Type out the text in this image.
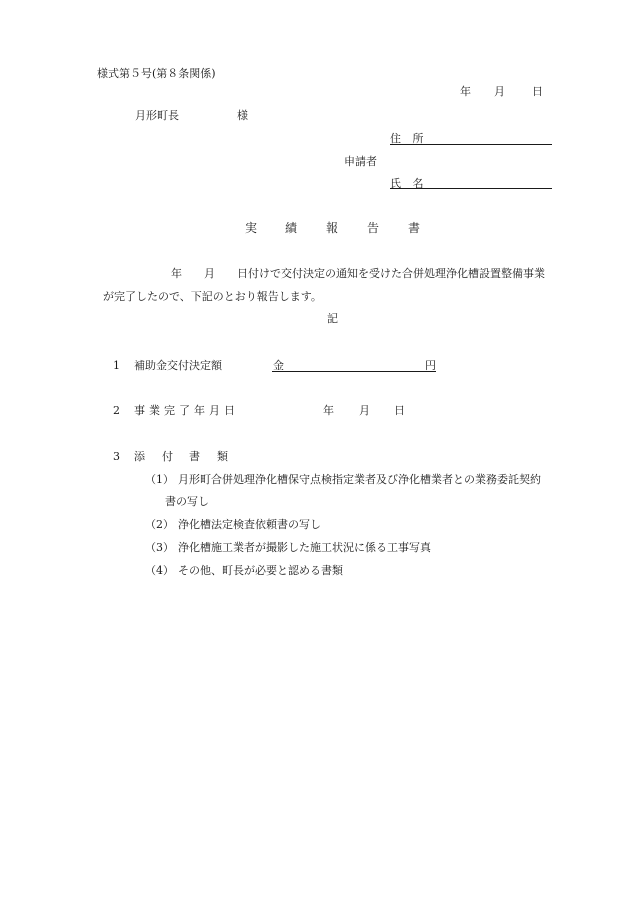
様式第５号(第８条関係)
年 月 日
月形町長	様
住 所
申請者
氏 名
実 績 報 告 書
年 月 日付けで交付決定の通知を受けた合併処理浄化槽設置整備事業
が完了したので、下記のとおり報告します。
記
1 補助金交付決定額	金	円
2 事業完了年月日	年 月 日
3 添 付 書 類
（1） 月形町合併処理浄化槽保守点検指定業者及び浄化槽業者との業務委託契約
書の写し
（2） 浄化槽法定検査依頼書の写し
（3） 浄化槽施工業者が撮影した施工状況に係る工事写真
（4） その他、町長が必要と認める書類
